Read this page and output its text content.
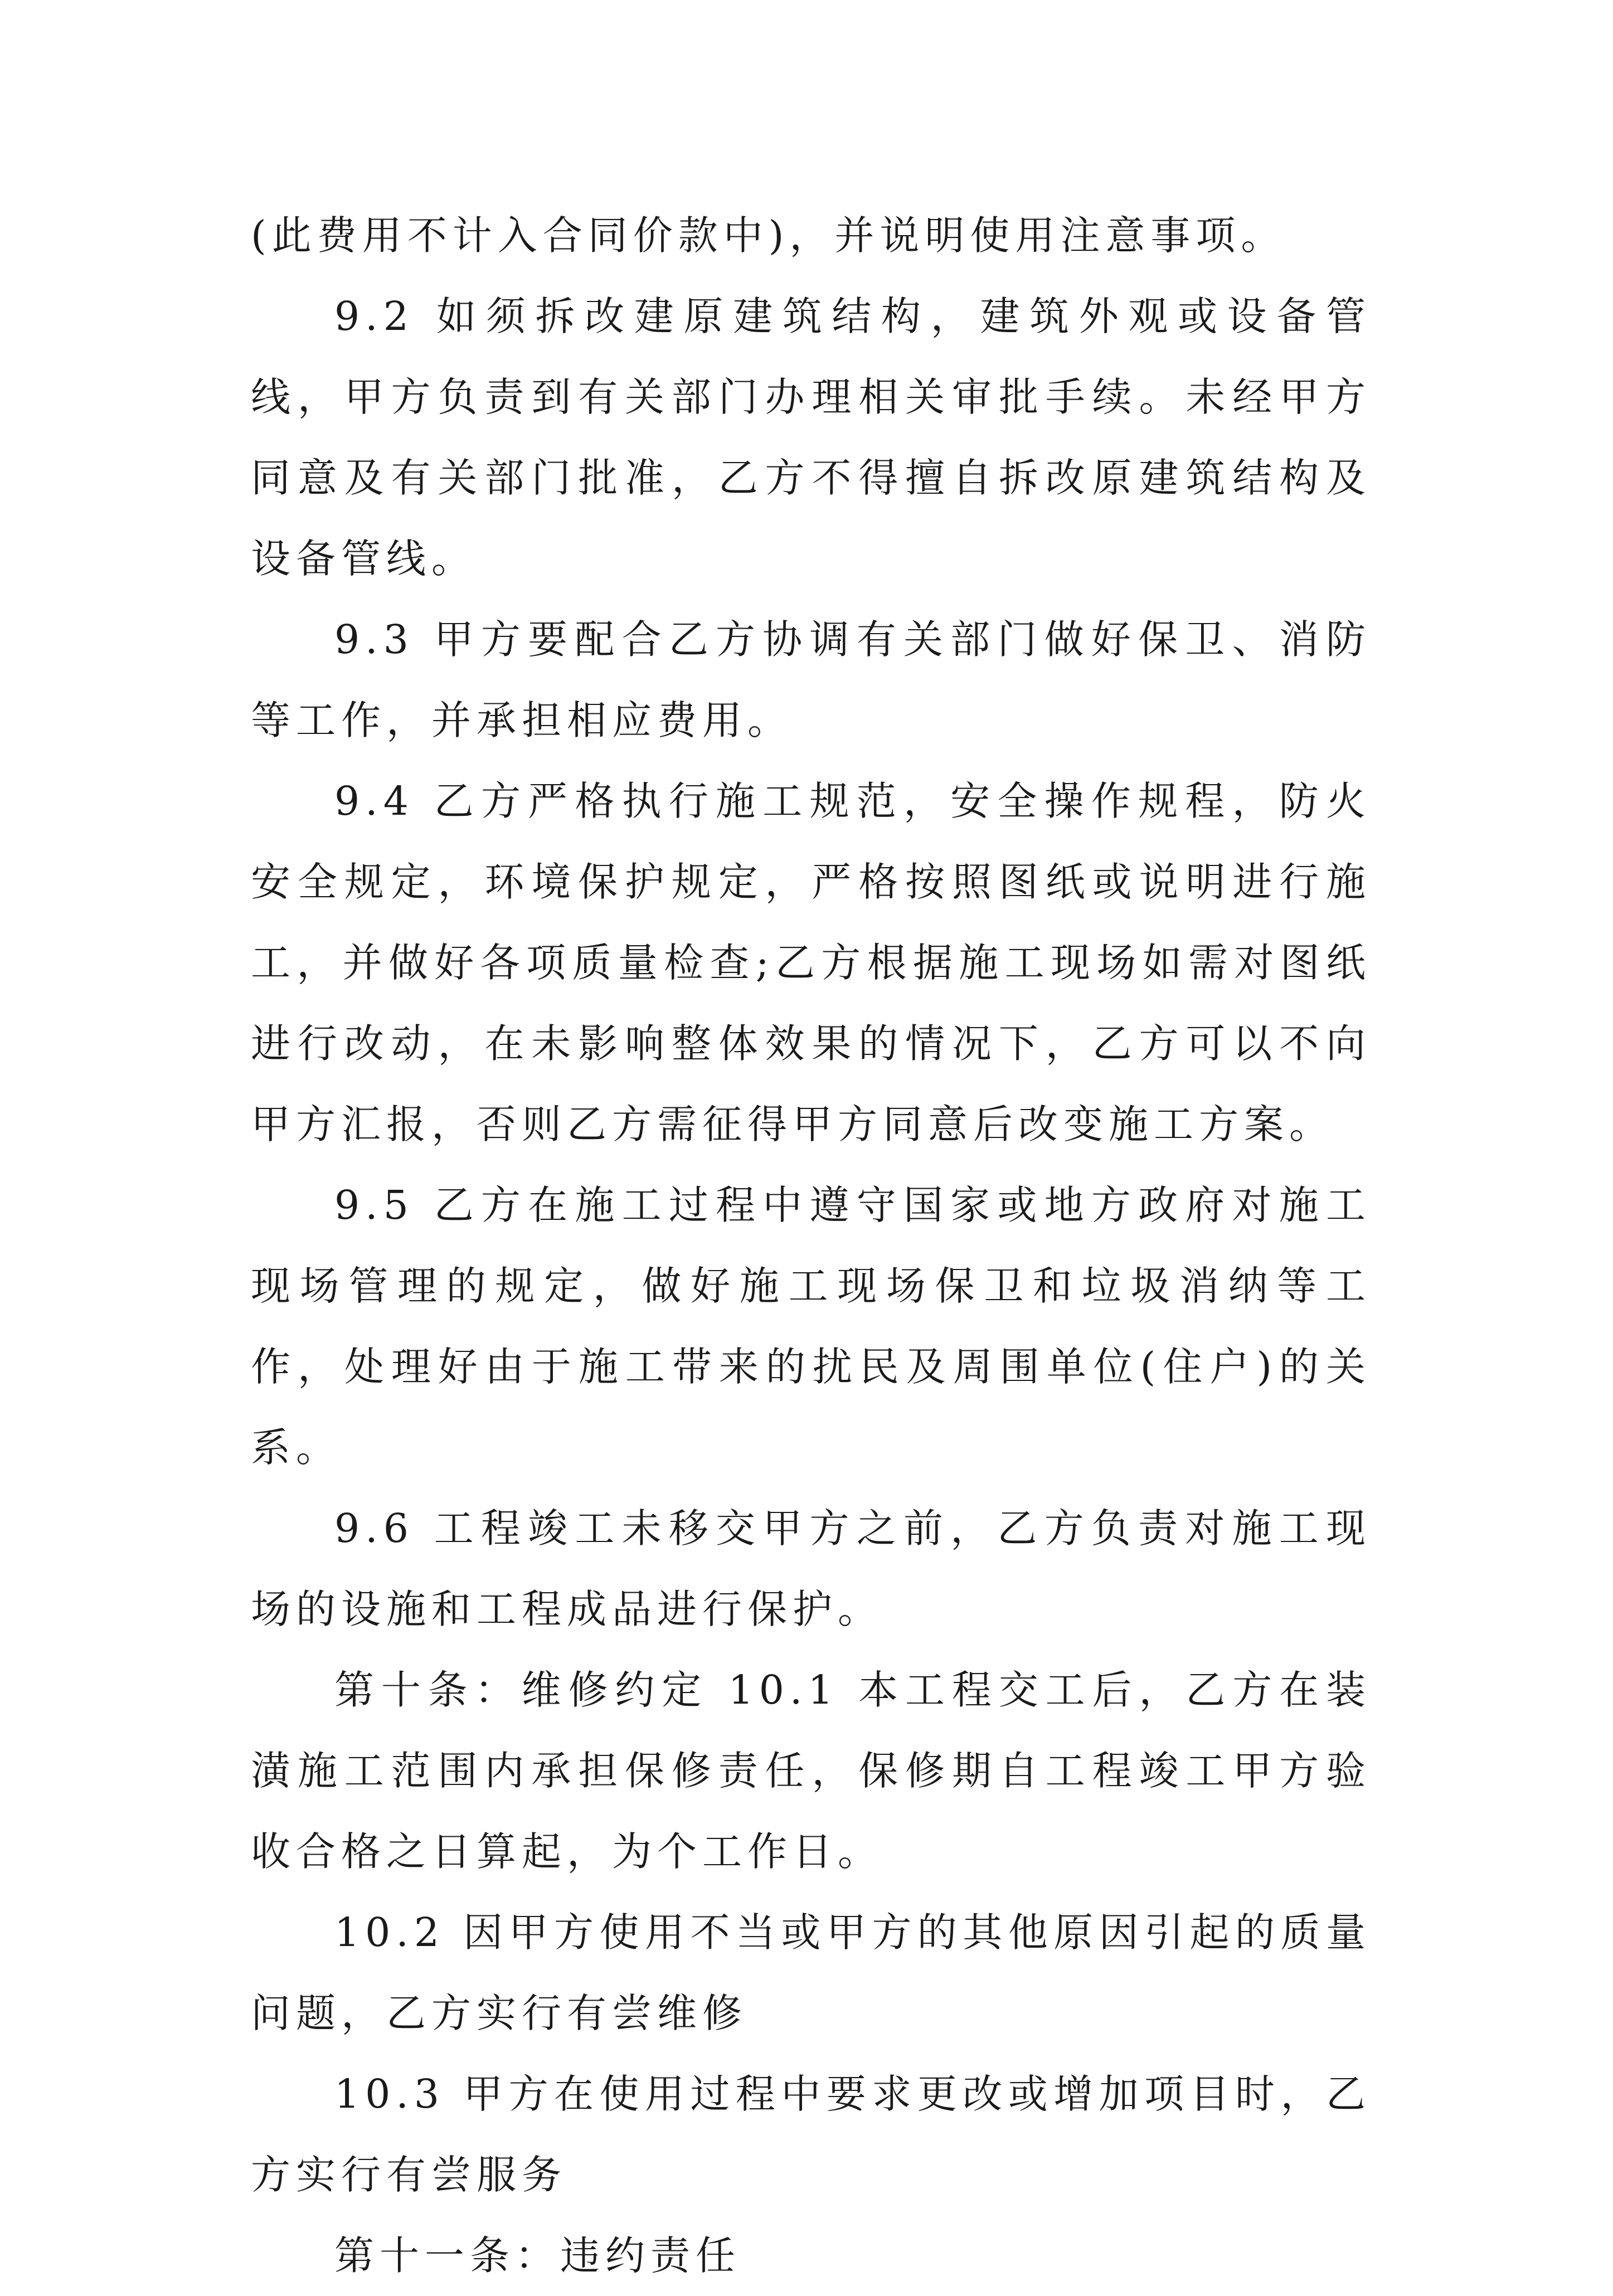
(此费用不计入合同价款中)，并说明使用注意事项。

9.2 如须拆改建原建筑结构，建筑外观或设备管线，甲方负责到有关部门办理相关审批手续。未经甲方同意及有关部门批准，乙方不得擅自拆改原建筑结构及设备管线。

9.3 甲方要配合乙方协调有关部门做好保卫、消防等工作，并承担相应费用。

9.4 乙方严格执行施工规范，安全操作规程，防火安全规定，环境保护规定，严格按照图纸或说明进行施工，并做好各项质量检查;乙方根据施工现场如需对图纸进行改动，在未影响整体效果的情况下，乙方可以不向甲方汇报，否则乙方需征得甲方同意后改变施工方案。

9.5 乙方在施工过程中遵守国家或地方政府对施工现场管理的规定，做好施工现场保卫和垃圾消纳等工作，处理好由于施工带来的扰民及周围单位(住户)的关系。

9.6 工程竣工未移交甲方之前，乙方负责对施工现场的设施和工程成品进行保护。

第十条：维修约定 10.1 本工程交工后，乙方在装潢施工范围内承担保修责任，保修期自工程竣工甲方验收合格之日算起，为个工作日。

10.2 因甲方使用不当或甲方的其他原因引起的质量问题，乙方实行有尝维修

10.3 甲方在使用过程中要求更改或增加项目时，乙方实行有尝服务

第十一条：违约责任
